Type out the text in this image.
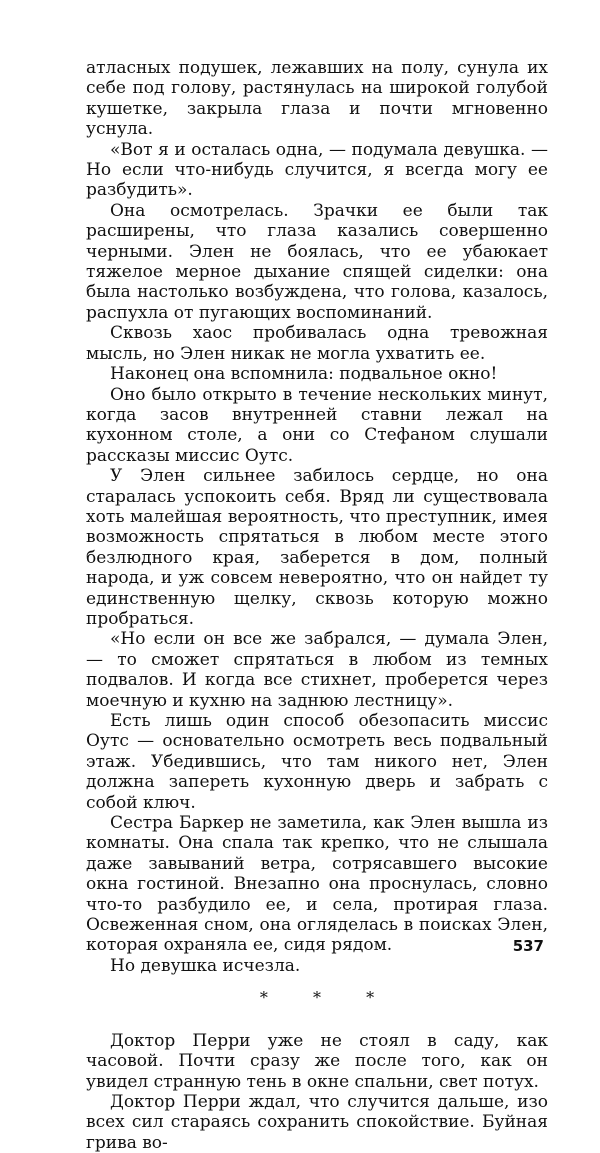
атласных подушек, лежавших на полу, сунула их себе под голову, растянулась на широкой голубой кушетке, закрыла глаза и почти мгновенно уснула.

«Вот я и осталась одна, — подумала девушка. — Но если что-нибудь случится, я всегда могу ее разбудить».

Она осмотрелась. Зрачки ее были так расширены, что глаза казались совершенно черными. Элен не боялась, что ее убаюкает тяжелое мерное дыхание спящей сиделки: она была настолько возбуждена, что голова, казалось, распухла от пугающих воспоминаний.

Сквозь хаос пробивалась одна тревожная мысль, но Элен никак не могла ухватить ее.

Наконец она вспомнила: подвальное окно!

Оно было открыто в течение нескольких минут, когда засов внутренней ставни лежал на кухонном столе, а они со Стефаном слушали рассказы миссис Оутс.

У Элен сильнее забилось сердце, но она старалась успокоить себя. Вряд ли существовала хоть малейшая вероятность, что преступник, имея возможность спрятаться в любом месте этого безлюдного края, заберется в дом, полный народа, и уж совсем невероятно, что он найдет ту единственную щелку, сквозь которую можно пробраться.

«Но если он все же забрался, — думала Элен, — то сможет спрятаться в любом из темных подвалов. И когда все стихнет, проберется через моечную и кухню на заднюю лестницу».

Есть лишь один способ обезопасить миссис Оутс — основательно осмотреть весь подвальный этаж. Убедившись, что там никого нет, Элен должна запереть кухонную дверь и забрать с собой ключ.

Сестра Баркер не заметила, как Элен вышла из комнаты. Она спала так крепко, что не слышала даже завываний ветра, сотрясавшего высокие окна гостиной. Внезапно она проснулась, словно что-то разбудило ее, и села, протирая глаза. Освеженная сном, она огляделась в поисках Элен, которая охраняла ее, сидя рядом.

Но девушка исчезла.

* * *

Доктор Перри уже не стоял в саду, как часовой. Почти сразу же после того, как он увидел странную тень в окне спальни, свет потух.

Доктор Перри ждал, что случится дальше, изо всех сил стараясь сохранить спокойствие. Буйная грива во-

537
